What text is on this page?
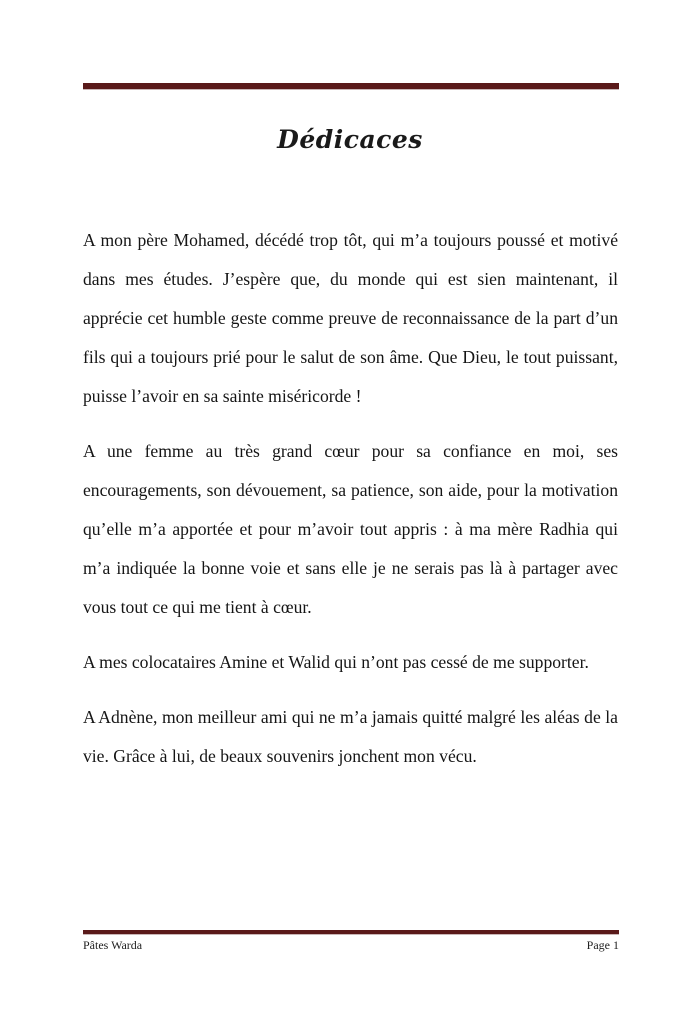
Dédicaces

A mon père Mohamed, décédé trop tôt, qui m’a toujours poussé et motivé dans mes études. J’espère que, du monde qui est sien maintenant, il apprécie cet humble geste comme preuve de reconnaissance de la part d’un fils qui a toujours prié pour le salut de son âme. Que Dieu, le tout puissant, puisse l’avoir en sa sainte miséricorde !

A une femme au très grand cœur pour sa confiance en moi, ses encouragements, son dévouement, sa patience, son aide, pour la motivation qu’elle m’a apportée et pour m’avoir tout appris : à ma mère Radhia qui m’a indiquée la bonne voie et sans elle je ne serais pas là à partager avec vous tout ce qui me tient à cœur.

A mes colocataires Amine et Walid qui n’ont pas cessé de me supporter.

A Adnène, mon meilleur ami qui ne m’a jamais quitté malgré les aléas de la vie. Grâce à lui, de beaux souvenirs jonchent mon vécu.

Pâtes Warda	Page 1
